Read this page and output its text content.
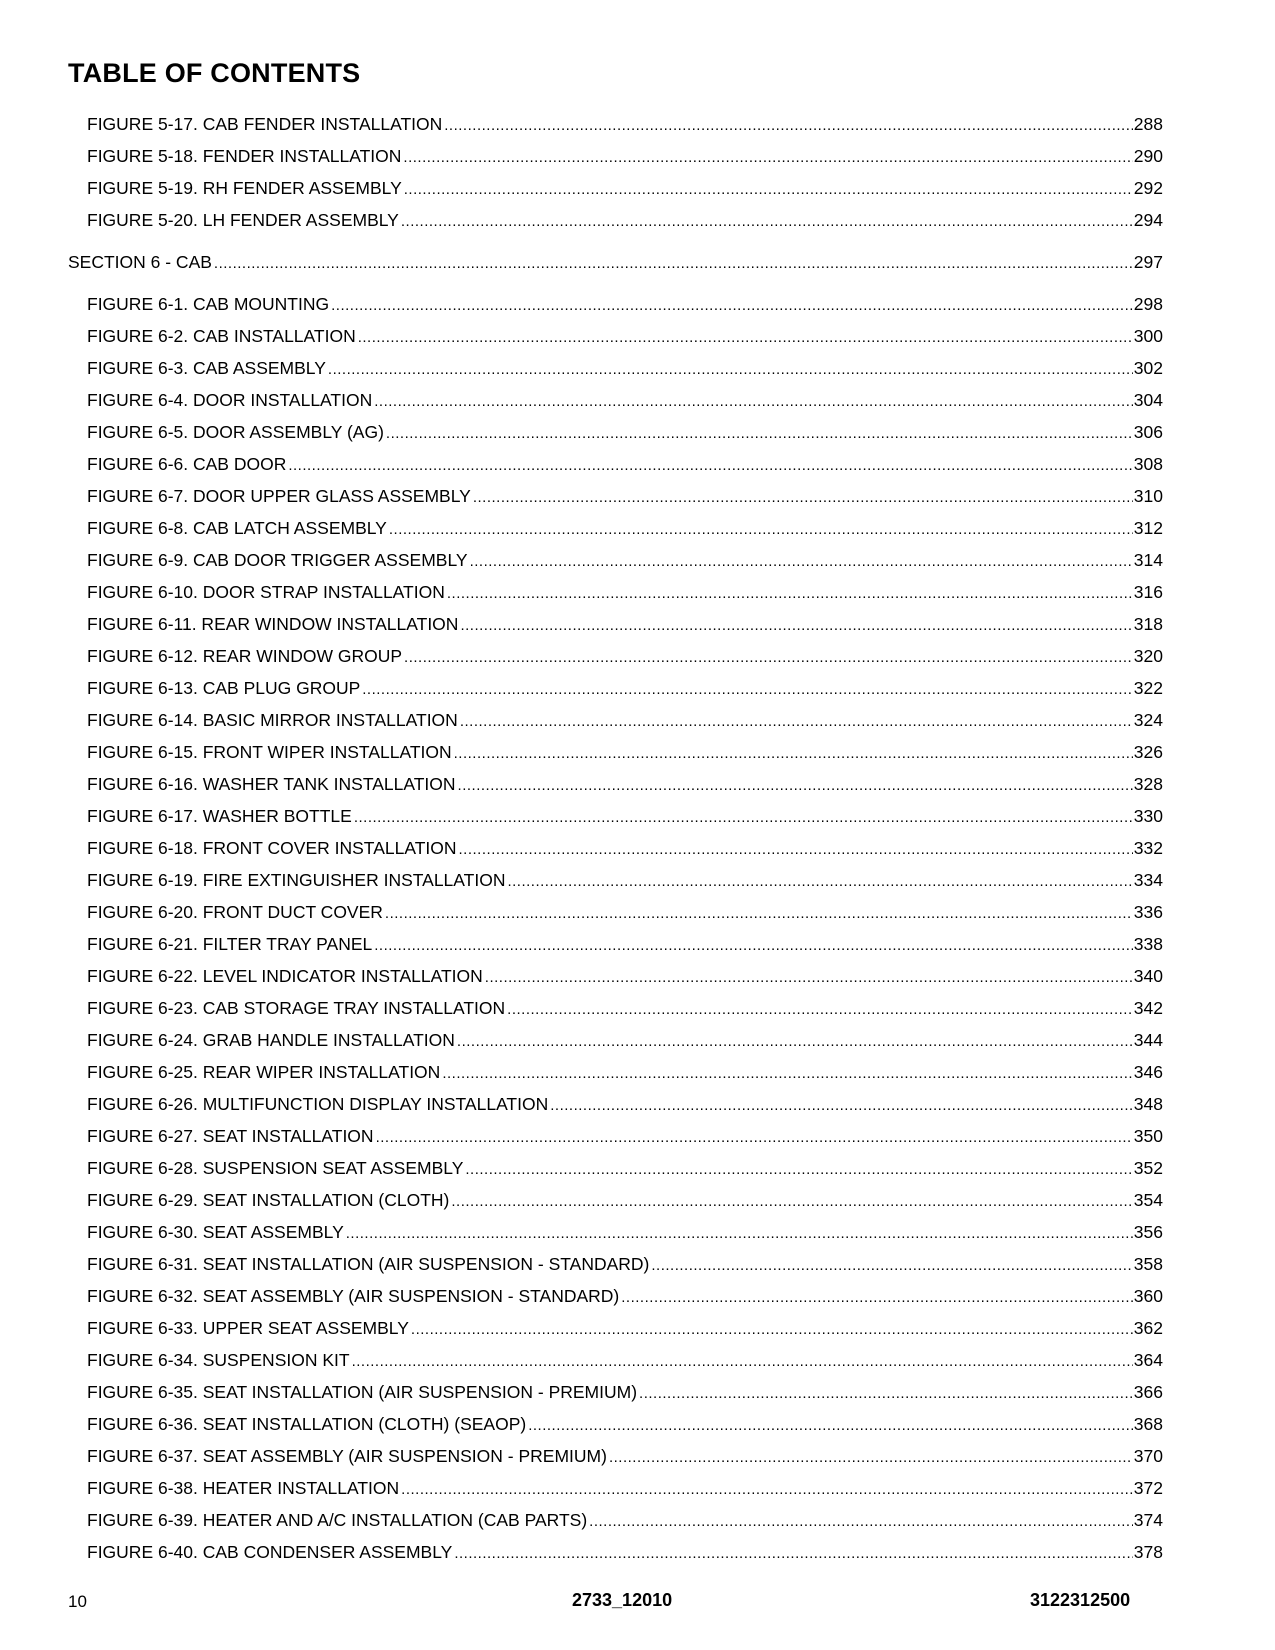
TABLE OF CONTENTS
FIGURE 5-17. CAB FENDER INSTALLATION .....	288
FIGURE 5-18. FENDER INSTALLATION .....	290
FIGURE 5-19. RH FENDER ASSEMBLY .....	292
FIGURE 5-20. LH FENDER ASSEMBLY .....	294
SECTION 6 - CAB .....	297
FIGURE 6-1. CAB MOUNTING .....	298
FIGURE 6-2. CAB INSTALLATION .....	300
FIGURE 6-3. CAB ASSEMBLY .....	302
FIGURE 6-4. DOOR INSTALLATION .....	304
FIGURE 6-5. DOOR ASSEMBLY (AG) .....	306
FIGURE 6-6. CAB DOOR .....	308
FIGURE 6-7. DOOR UPPER GLASS ASSEMBLY .....	310
FIGURE 6-8. CAB LATCH ASSEMBLY .....	312
FIGURE 6-9. CAB DOOR TRIGGER ASSEMBLY .....	314
FIGURE 6-10. DOOR STRAP INSTALLATION .....	316
FIGURE 6-11. REAR WINDOW INSTALLATION .....	318
FIGURE 6-12. REAR WINDOW GROUP .....	320
FIGURE 6-13. CAB PLUG GROUP .....	322
FIGURE 6-14. BASIC MIRROR INSTALLATION .....	324
FIGURE 6-15. FRONT WIPER INSTALLATION .....	326
FIGURE 6-16. WASHER TANK INSTALLATION .....	328
FIGURE 6-17. WASHER BOTTLE .....	330
FIGURE 6-18. FRONT COVER INSTALLATION .....	332
FIGURE 6-19. FIRE EXTINGUISHER INSTALLATION .....	334
FIGURE 6-20. FRONT DUCT COVER .....	336
FIGURE 6-21. FILTER TRAY PANEL .....	338
FIGURE 6-22. LEVEL INDICATOR INSTALLATION .....	340
FIGURE 6-23. CAB STORAGE TRAY INSTALLATION .....	342
FIGURE 6-24. GRAB HANDLE INSTALLATION .....	344
FIGURE 6-25. REAR WIPER INSTALLATION .....	346
FIGURE 6-26. MULTIFUNCTION DISPLAY INSTALLATION .....	348
FIGURE 6-27. SEAT INSTALLATION .....	350
FIGURE 6-28. SUSPENSION SEAT ASSEMBLY .....	352
FIGURE 6-29. SEAT INSTALLATION (CLOTH) .....	354
FIGURE 6-30. SEAT ASSEMBLY .....	356
FIGURE 6-31. SEAT INSTALLATION (AIR SUSPENSION - STANDARD) .....	358
FIGURE 6-32. SEAT ASSEMBLY (AIR SUSPENSION - STANDARD) .....	360
FIGURE 6-33. UPPER SEAT ASSEMBLY .....	362
FIGURE 6-34. SUSPENSION KIT .....	364
FIGURE 6-35. SEAT INSTALLATION (AIR SUSPENSION - PREMIUM) .....	366
FIGURE 6-36. SEAT INSTALLATION (CLOTH) (SEAOP) .....	368
FIGURE 6-37. SEAT ASSEMBLY (AIR SUSPENSION - PREMIUM) .....	370
FIGURE 6-38. HEATER INSTALLATION .....	372
FIGURE 6-39. HEATER AND A/C INSTALLATION (CAB PARTS) .....	374
FIGURE 6-40. CAB CONDENSER ASSEMBLY .....	378
10	2733_12010	3122312500
